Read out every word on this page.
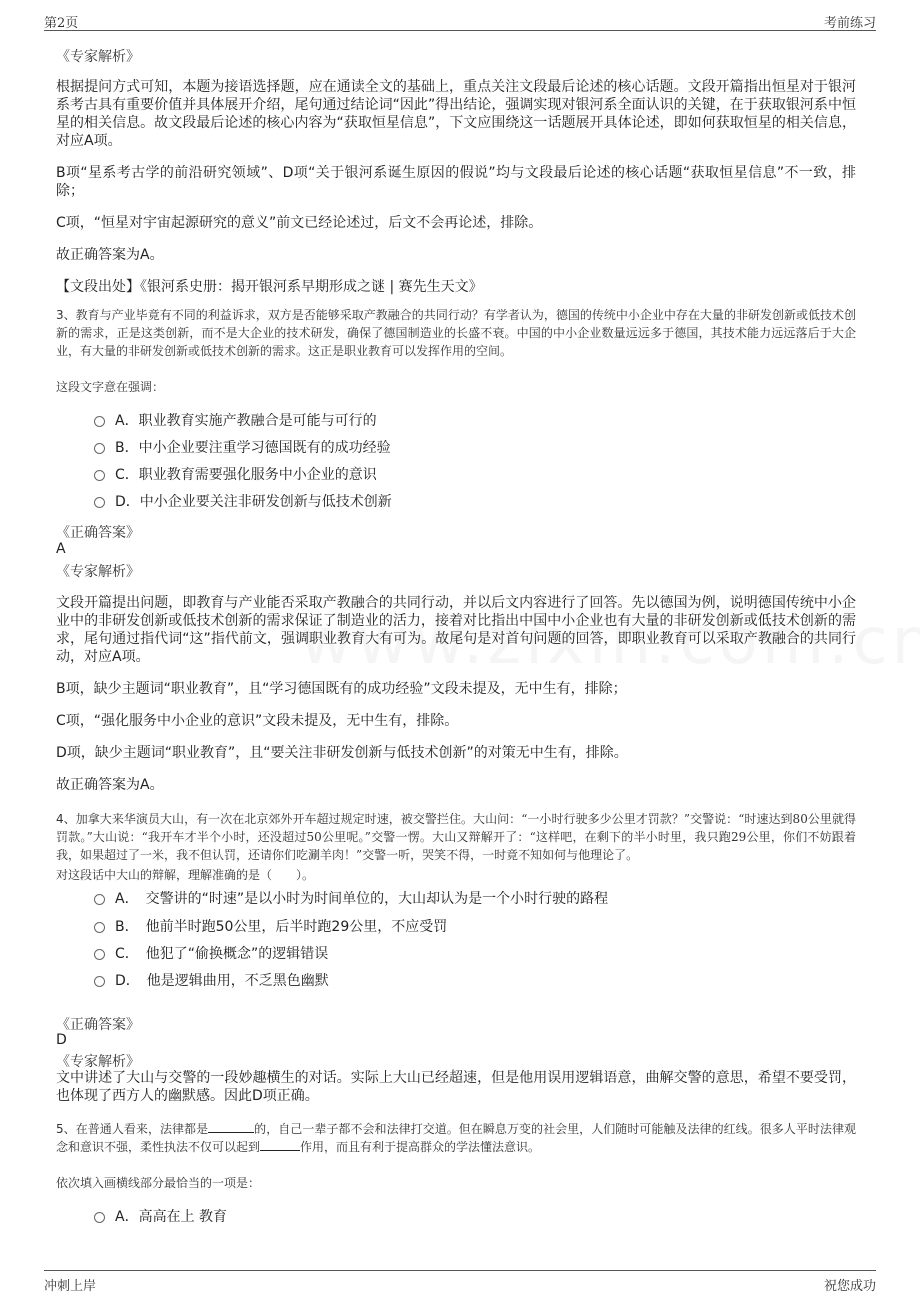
第2页	考前练习
《专家解析》

根据提问方式可知，本题为接语选择题，应在通读全文的基础上，重点关注文段最后论述的核心话题。文段开篇指出恒星对于银河系考古具有重要价值并具体展开介绍，尾句通过结论词“因此”得出结论，强调实现对银河系全面认识的关键，在于获取银河系中恒星的相关信息。故文段最后论述的核心内容为“获取恒星信息”，下文应围绕这一话题展开具体论述，即如何获取恒星的相关信息，对应A项。

B项“星系考古学的前沿研究领域”、D项“关于银河系诞生原因的假说”均与文段最后论述的核心话题“获取恒星信息”不一致，排除；

C项，“恒星对宇宙起源研究的意义”前文已经论述过，后文不会再论述，排除。

故正确答案为A。

【文段出处】《银河系史册：揭开银河系早期形成之谜 | 赛先生天文》

3、教育与产业毕竟有不同的利益诉求，双方是否能够采取产教融合的共同行动？有学者认为，德国的传统中小企业中存在大量的非研发创新或低技术创新的需求，正是这类创新，而不是大企业的技术研发，确保了德国制造业的长盛不衰。中国的中小企业数量远远多于德国，其技术能力远远落后于大企业，有大量的非研发创新或低技术创新的需求。这正是职业教育可以发挥作用的空间。

这段文字意在强调：
A．职业教育实施产教融合是可能与可行的
B．中小企业要注重学习德国既有的成功经验
C．职业教育需要强化服务中小企业的意识
D．中小企业要关注非研发创新与低技术创新
《正确答案》
A
《专家解析》

文段开篇提出问题，即教育与产业能否采取产教融合的共同行动，并以后文内容进行了回答。先以德国为例，说明德国传统中小企业中的非研发创新或低技术创新的需求保证了制造业的活力，接着对比指出中国中小企业也有大量的非研发创新或低技术创新的需求，尾句通过指代词“这”指代前文，强调职业教育大有可为。故尾句是对首句问题的回答，即职业教育可以采取产教融合的共同行动，对应A项。

B项，缺少主题词“职业教育”，且“学习德国既有的成功经验”文段未提及，无中生有，排除；

C项，“强化服务中小企业的意识”文段未提及，无中生有，排除。

D项，缺少主题词“职业教育”，且“要关注非研发创新与低技术创新”的对策无中生有，排除。

故正确答案为A。

4、加拿大来华演员大山，有一次在北京郊外开车超过规定时速，被交警拦住。大山问：“一小时行驶多少公里才罚款？”交警说：“时速达到80公里就得罚款。”大山说：“我开车才半个小时，还没超过50公里呢。”交警一愣。大山又辩解开了：“这样吧，在剩下的半小时里，我只跑29公里，你们不妨跟着我，如果超过了一米，我不但认罚，还请你们吃涮羊肉！”交警一听，哭笑不得，一时竟不知如何与他理论了。

对这段话中大山的辩解，理解准确的是（　　）。
A．　交警讲的“时速”是以小时为时间单位的，大山却认为是一个小时行驶的路程
B．　他前半时跑50公里，后半时跑29公里，不应受罚
C．　他犯了“偷换概念”的逻辑错误
D．　他是逻辑曲用，不乏黑色幽默
《正确答案》
D
《专家解析》

文中讲述了大山与交警的一段妙趣横生的对话。实际上大山已经超速，但是他用误用逻辑语意，曲解交警的意思，希望不要受罚，也体现了西方人的幽默感。因此D项正确。

5、在普通人看来，法律都是	的，自己一辈子都不会和法律打交道。但在瞬息万变的社会里，人们随时可能触及法律的红线。很多人平时法律观念和意识不强，柔性执法不仅可以起到	作用，而且有利于提高群众的学法懂法意识。

依次填入画横线部分最恰当的一项是：
A．高高在上 教育
冲刺上岸	祝您成功
